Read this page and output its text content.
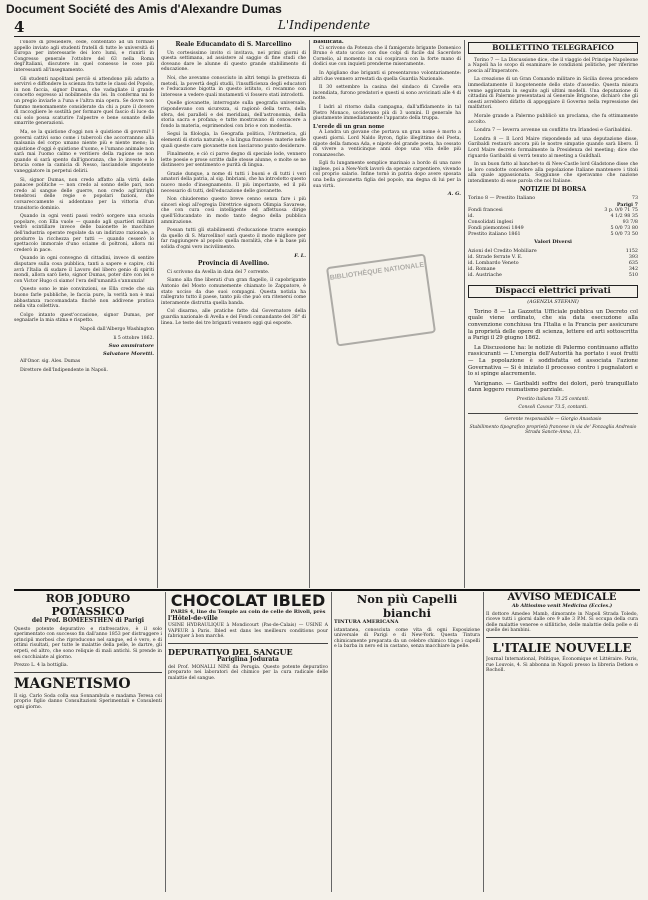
Document Société des Amis d'Alexandre Dumas
4	L'Indipendente

l'onore di presiedere, cede, contentato ad un formale appello inviato agli studenti fratelli di tutte le università di Europa per interessarle dei loro lumi, e riunirli in Congresso generale l'ottobre del 63 nella Roma degl'Italiani, discutere in quel consesso le cose più interessanti all'insegnamento.

Gli studenti napolitani perciò si attendono più adatto a servirvi e diffondere la scienza fra tutte le classi del Popolo, in non faccia, signor Dumas, che vadagliate il grande concetto espresso al nobilmente da lei. In conferma mi fo un pregio inviarle a l'una e l'altra mia opera. Se dovre non fummo menomamente considerate da chi a pure il dovere di raccogliere le sostiltà per formare quel fascio di luce da cui solo possa scaturire l'alpestre e bene sonante delle smarrite generazioni.

Ma, se la quistione d'oggi non è quistione di governi! I governi cattivi sono come i tubercoli che accorrannno alla malsania del corpo umano niente più e niente meno; la quistione d'oggi è quistione d'uomo, e l'umano animale non sarà mai l'uomo calmo e veritiero della ragione se non quando si sarà spento dall'ignoranza, che lo investe e lo brucia come la camicia di Nesso, lasciandole impotente vaneggiatore in perpetui delirii.

Si, signor Dumas, non credo affatto alla virtù delle panacee politiche — non credo al sonno delle pari, non credo al sangue delle guerre, non credo agl'intrighi tenebrosi delle regie e popolari fazioni, che corsareccamente si addentano per la vittoria d'un transitorio dominio.

Quando in ogni venti passi vedrò sorgere una scuola popolare, con Ella vuole — quando agli quartieri militari vedrò scintillare invece delle baionette le macchine dell'industria operate regolate da un indirizzo razionale, a produrre la ricchezza per tutti — quando cesserò lo spettacolo immorale d'uno sciame di poltroni, allora mi crederò in pace.

Quando in ogni convegno di cittadini, invece di sentire disputare sulla cosa pubblica, tanti a sapere e capire, chi avrà l'Italia di sudare il Lavoro del libero genio di spiriti mondi, allora sarò lieto, signor Dumas, poter dire con lei e con Victor Hugo ci siamo! l'era dell'umanità s'annunzia!

Questo sono le mie convinzioni, se Ella crede che sia buono farle pubbliche, le faccia pure, la verità non è mai abbastanza raccomandata finchè non addivene pratica nella vita collettiva.

Colgo intanto quest'occasione, signor Dumas, per segnalarle la mia stima e rispetto.

Napoli dall'Albergo Washington

li 5 ottobre 1862.

Suo ammiratore
Salvatore Moretti.

All'Onor. sig. Ales. Dumas

Direttore dell'Indipendente in Napoli.

Reale Educandato di S. Marcellino

Un cortesissimo invito ci invitava, nei primi giorni di questa settimana, ad assistere al saggio di fine studi che doveano dare le alunne di questo grande stabilimento di educazione.

Noi, che avevamo conosciuto in altri tempi la grettezza di metodi, la povertà degli studii, l'insufficienza degli educatori e l'educazione bigotta in questo istituto, ci recammo con interesse a vedere quali mutamenti vi fossero stati introdotti.

Quelle giovanette, interrogate sulla geografia universale, rispondevano con sicurezza, si ragionò della terra, della sfera, dei paralleli e dei meridiani, dell'astronomia, della storia sacra e profana; e tutte mostravano di conoscere a fondo la materia, esprimendosi con brio e con modestia.

Seguì la filologia, la Geografia politica, l'Aritmetica, gli elementi di storia naturale, e la lingua francese: materie nelle quali queste care giovanette non lasciarono punto desiderare.

Finalmente, e ciò ci parve degno di speciale lode, vennero lette poesie e prose scritte dalle stesse alunne, e molte se ne distinsero per sentimento e purità di lingua.

Grazie dunque, a nome di tutti i buoni e di tutti i veri amatori della patria, al sig. Imbriani, che ha introdotto questo nuovo modo d'insegnamento. Il più importante, ed il più necessario di tutti, dell'educazione delle giovanette.

Non chiuderemo questo breve cenno senza fare i più sinceri elogi all'egregia Direttrice signora Olimpia Savarese, che con cura così intelligente ed affettuosa dirige quell'Educandato in modo tanto degno della pubblica ammirazione.

Possan tutti gli stabilimenti d'educazione trarre esempio da quello di S. Marcellino! sarà questo il modo migliore per far raggiungere al popolo quella moralità, che è la base più solida d'ogni vero incivilimento.

F. L.
Provincia di Avellino.

Ci scrivono da Avella in data del 7 corrente.

Siamo alla fine liberati d'un gran flagello, il capobrigante Antonio del Mosto comunemente chiamato lo Zappatore, è stato ucciso da due suoi compagni. Questa notizia ha rallegrato tutto il paese, tanto più che può ora ritenersi come interamente distrutta quella banda.

Col disarmo, alle pratiche fatte dal Governatore della guardia nazionale di Avella e del Fondi comandante del 38° di linea. Le teste dei tre briganti vennero oggi qui esposte.

Basilicata.

Ci scrivono da Potenza che il famigerato brigante Domenico Bruno è stato ucciso con due colpi di fucile dal Sacerdote Cornelio, al momento in cui cospirava con la forte mano di dodici sue con inquieti prenderne miseramente.

In Apigliano due briganti si presentarono volontariamente: altri due vennero arrestati da quella Guardia Nazionale.

Il 30 settembre la casina del sindaco di Cavelle era incendiata, furono predatori e questi si sono avvicinati alle 4 di notte.

I ladri al ritorno dalla campagna, dall'affidamento in tal Pietro Monaco, uccidevano più di 3 uomini. Il generale ha giustamente immediatamente l'apparato della truppa.

L'erede di un gran nome

A Londra un giovane che portava un gran nome è morto a questi giorni. Lord Naldo Byron, figlio illegittimo del Poeta, nipote della famosa Ada, e nipote del grande poeta, ha cessato di vivere a venticinque anni dopo una vita delle più romanzesche.

Egli fu lungamente semplice marinaio a bordo di una nave inglese, poi a New-York lavorò da operaio carpentiere, vivendo col proprio salario. Infine tornò in patria dopo avere sposata una bella giovanetta figlia del popolo, ma degna di lui per la sua virtù.

A. G.
BIBLIOTHÈQUE NATIONALE
BOLLETTINO TELEGRAFICO

Torino 7 — La Discussione dice, che il viaggio del Principe Napoleone a Napoli ha lo scopo di esaminare le condizioni politiche, per riferirne poscia all'Imperatore.

La creazione di un Gran Comando militare in Sicilia dovea procedere immediatamente il luogotenente dello stato d'assedio. Questa misura venne aggiornata in seguito agli ultimi modelli. Una deputazione di cittadini di Palermo presentatasi al Generale Brignone, dichiarò che gli onesti avrebbero difatto di appoggiare il Governo nella repressione dei malfattori.

Morale grande a Palermo pubblicò un proclama, che fu ottimamente accolto.

Londra 7 — Ieverra avvenne un conflitto tra Irlandesi e Garibaldini.

Londra 8 — Il Lord Maire rispondendo ad una deputazione disse, Garibaldi restaurò ancora più le nostre simpatie quando sarà libero. Il Lord Maire decreto formalmente la Presidenza del meeting; dice che riguardo Garibaldi si verrà tenuto al meeting a Guildhall.

In un buon fatto al banchet-to di New-Castle lord Gladstone disse che le loro condotte concedere alla popolazione Italiane mantenere i titoli alla quale appassionata. Soggiunse che speravamo che nazione intendimento di esse parola che noi Italiane.

NOTIZIE DI BORSA
Torino 8 — Prestito Italiano	73
Parigi 7
Fondi francesi	3 p. 0/0 71 75
id.	4 1/2 98 35
Consolidati inglesi	93 7/8
Fondi piemontesi 1849	5 0/0 73 80
Prestito italiano 1861	5 0/0 73 50
Valori Diversi
Azioni del Credito Mobiliare	1152
id. Strade ferrate V. E.	393
id. Lombardo Veneto	635
id. Romane	342
id. Austriache	510
Dispacci elettrici privati
(AGENZIA STEFANI)

Torino 8 — La Gazzetta Ufficiale pubblica un Decreto col quale viene ordinato, che sia data esecuzione alla convenzione conchiusa tra l'Italia e la Francia per assicurare la proprietà delle opere di scienza, lettere ed arti sottoscritta a Parigi il 29 giugno 1862.

La Discussione ha: le notizie di Palermo continuano affatto rassicuranti — L'energia dell'Autorità ha portato i suoi frutti — La popolazione è soddisfatta ed associata l'azione Governativa — Si è iniziato il processo contro i pugnalatori e lo si spinge alacremente.

Varignano. — Garibaldi soffre dei dolori, però tranquillato dann leggero reumatismo parziale.

Prestito italiano 73.25 contanti.
Consoli Cavour 73.5, contanti.
Gerente responsabile — Giorgio Anastasio
Stabilimento tipografico proprietà francese in via de' Fonzaglia Andreaio Strada Sancte-Anna, 13.
ROB JODURO POTASSICO
del Prof. BOMEESTHEN di Parigi

Questo potente depurativo e rinfrescativo, è il solo sperimentato con successo fin dall'anno 1853 per distruggere i principii morbosi che riproducono nel sangue, ed è vero, e di ottimi risultati, per tutte le malattie della pelle, le dartre, gli erpeti, ed altro, che sono reliquie di mali antichi. Si prende in sei cucchiaiate al giorno.

Prezzo L. 4 la bottiglia.

MAGNETISMO

Il sig. Carlo Soda colla sua Sonnambula e madama Teresa col proprio figlio danno Consultazioni Sperimentali e Consulenti ogni giorno.

CHOCOLAT IBLED
PARIS 4, line du Temple au coin de celle de Rivoli, près
l'Hôtel-de-ville

USINE HYDRAULIQUE à Mondicourt (Pas-de-Calais) — USINE A VAPEUR à Paris. Ibled est dans les meilleurs conditions pour fabriquer à bon marché.

DEPURATIVO DEL SANGUE
Pariglina Jodurata

del Prof. MONALLI NINI da Perugia. Questo potente depurativo preparato nei laboratori del chimico per la cura radicale delle malattie del sangue.

Non più Capelli bianchi
TINTURA AMERICANA

istantanea, conosciuta come vita di ogni Esposizione universale di Parigi e di New-York. Questa Tintura chimicamente preparata da un celebre chimico tinge i capelli e la barba in nero ed in castano, senza macchiare la pelle.

AVVISO MEDICALE
Ab Altissimo venit Medicina (Eccles.)

Il dottore Amedeo Mamb, dimorante in Napoli Strada Toledo, riceve tutti i giorni dalle ore 9 alle 3 P.M. Si occupa della cura delle malattie veneree e sifilitiche, delle malattie della pelle e di quelle dei bambini.

L'ITALIE NOUVELLE

Journal International, Politique, Économique et Littéraire. Paris, rue Louvois, 4. Si abbonna in Napoli presso la libreria Detken e Rocholl.
